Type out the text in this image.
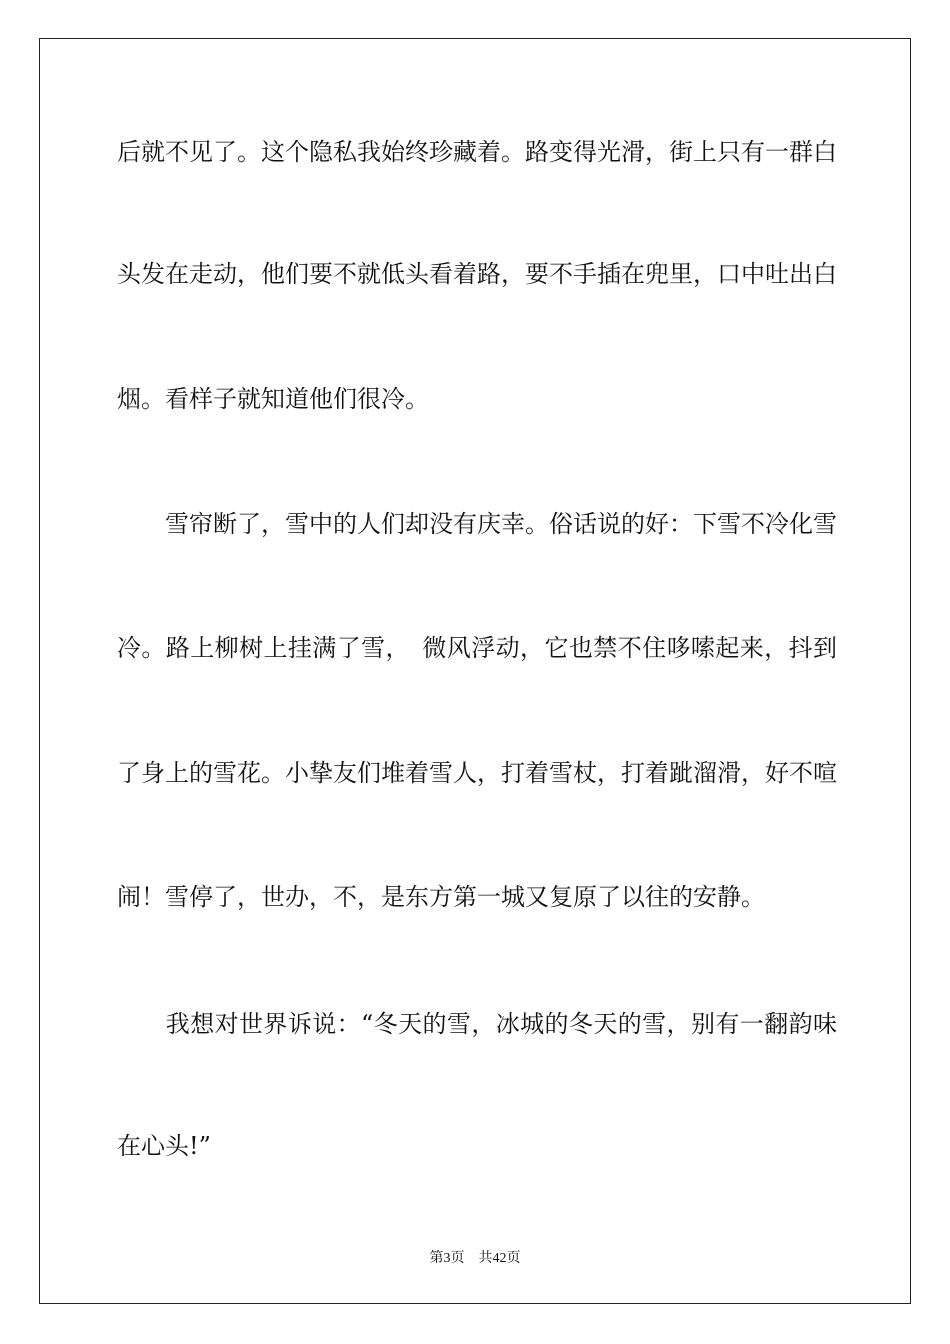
后就不见了。这个隐私我始终珍藏着。路变得光滑，街上只有一群白
头发在走动，他们要不就低头看着路，要不手插在兜里，口中吐出白
烟。看样子就知道他们很冷。
　　雪帘断了，雪中的人们却没有庆幸。俗话说的好：下雪不冷化雪
冷。路上柳树上挂满了雪，　微风浮动，它也禁不住哆嗦起来，抖到
了身上的雪花。小挚友们堆着雪人，打着雪杖，打着跐溜滑，好不喧
闹！雪停了，世办，不，是东方第一城又复原了以往的安静。
　　我想对世界诉说：“冬天的雪，冰城的冬天的雪，别有一翻韵味
在心头!”
第3页 共42页
